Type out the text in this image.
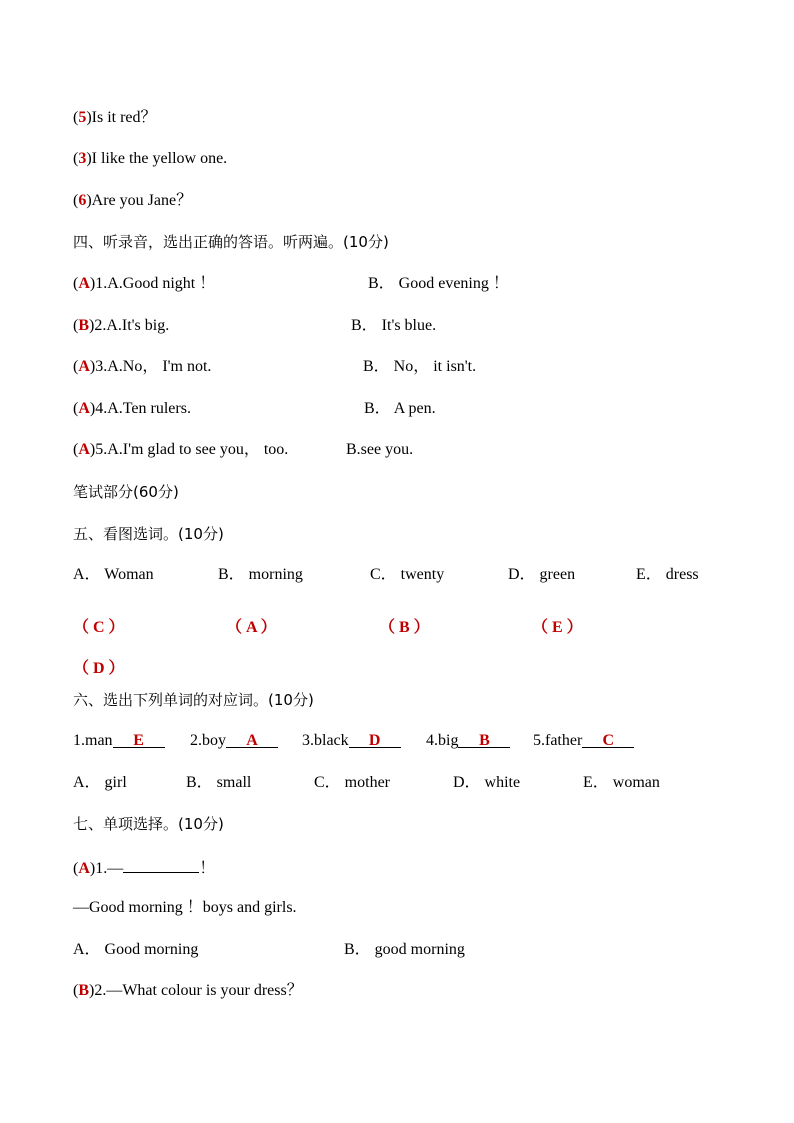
(5)Is it red？
(3)I like the yellow one.
(6)Are you Jane？
四、听录音，选出正确的答语。听两遍。(10分)
(A)1.A.Good night ！	B． Good evening ！
(B)2.A.It's big.	B． It's blue.
(A)3.A.No， I'm not.	B． No， it isn't.
(A)4.A.Ten rulers.	B． A pen.
(A)5.A.I'm glad to see you， too.	B.see you.
笔试部分(60分)
五、看图选词。(10分)
A． Woman	B． morning	C． twenty	D． green	E． dress
（ C ）	（ A ）	（ B ）	（ E ）
（ D ）
六、选出下列单词的对应词。(10分)
1.man E	2.boy A	3.black D	4.big B	5.father C
A． girl	B． small	C． mother	D． white	E． woman
七、单项选择。(10分)
(A)1.—	！
—Good morning ！boys and girls.
A． Good morning	B． good morning
(B)2.—What colour is your dress？
